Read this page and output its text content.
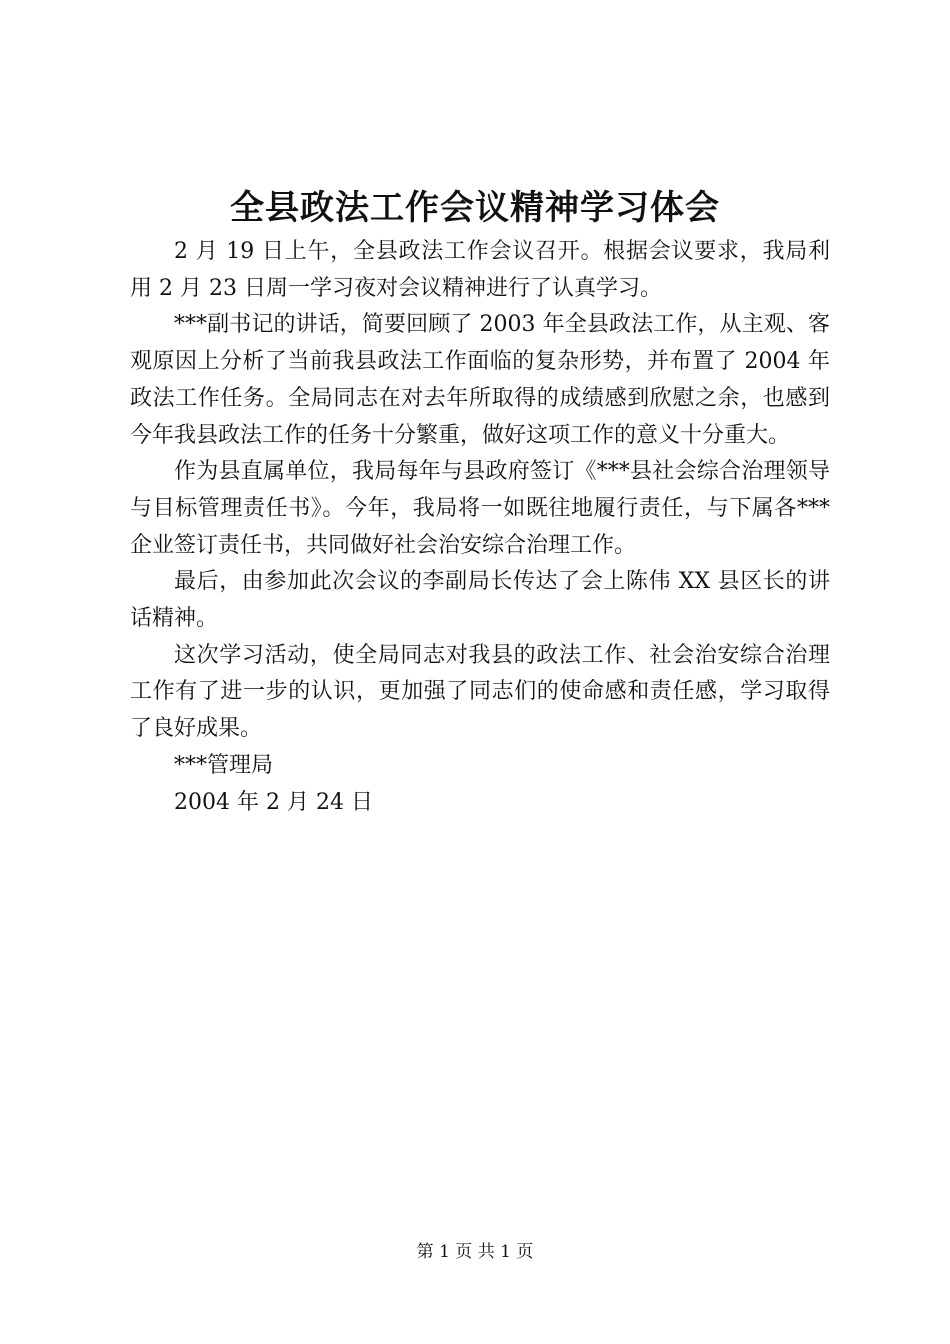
全县政法工作会议精神学习体会

2 月 19 日上午，全县政法工作会议召开。根据会议要求，我局利用 2 月 23 日周一学习夜对会议精神进行了认真学习。

***副书记的讲话，简要回顾了 2003 年全县政法工作，从主观、客观原因上分析了当前我县政法工作面临的复杂形势，并布置了 2004 年政法工作任务。全局同志在对去年所取得的成绩感到欣慰之余，也感到今年我县政法工作的任务十分繁重，做好这项工作的意义十分重大。

作为县直属单位，我局每年与县政府签订《***县社会综合治理领导与目标管理责任书》。今年，我局将一如既往地履行责任，与下属各***企业签订责任书，共同做好社会治安综合治理工作。

最后，由参加此次会议的李副局长传达了会上陈伟 XX 县区长的讲话精神。

这次学习活动，使全局同志对我县的政法工作、社会治安综合治理工作有了进一步的认识，更加强了同志们的使命感和责任感，学习取得了良好成果。

***管理局

2004 年 2 月 24 日

第 1 页 共 1 页
